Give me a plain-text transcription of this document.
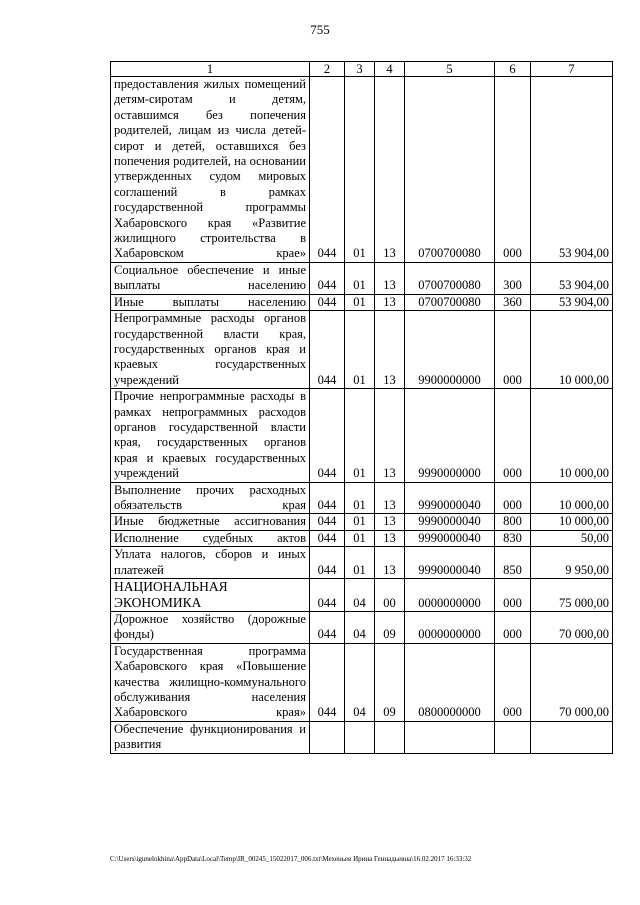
755
1	2	3	4	5	6	7
предоставления жилых помещений детям-сиротам и детям, оставшимся без попечения родителей, лицам из числа детей-сирот и детей, оставшихся без попечения родителей, на основании утвержденных судом мировых соглашений в рамках государственной программы Хабаровского края «Развитие жилищного строительства в Хабаровском крае»	044	01	13	0700700080	000	53 904,00
Социальное обеспечение и иные выплаты населению	044	01	13	0700700080	300	53 904,00
Иные выплаты населению	044	01	13	0700700080	360	53 904,00
Непрограммные расходы органов государственной власти края, государственных органов края и краевых государственных учреждений	044	01	13	9900000000	000	10 000,00
Прочие непрограммные расходы в рамках непрограммных расходов органов государственной власти края, государственных органов края и краевых государственных учреждений	044	01	13	9990000000	000	10 000,00
Выполнение прочих расходных обязательств края	044	01	13	9990000040	000	10 000,00
Иные бюджетные ассигнования	044	01	13	9990000040	800	10 000,00
Исполнение судебных актов	044	01	13	9990000040	830	50,00
Уплата налогов, сборов и иных платежей	044	01	13	9990000040	850	9 950,00
НАЦИОНАЛЬНАЯ ЭКОНОМИКА	044	04	00	0000000000	000	75 000,00
Дорожное хозяйство (дорожные фонды)	044	04	09	0000000000	000	70 000,00
Государственная программа Хабаровского края «Повышение качества жилищно-коммунального обслуживания населения Хабаровского края»	044	04	09	0800000000	000	70 000,00
Обеспечение функционирования и развития						
C:\Users\igunelokhina\AppData\Local\Temp\IR_00245_15022017_006.txt\Мехеньев Ирина Геннадьевна\16.02.2017 16:33:32
